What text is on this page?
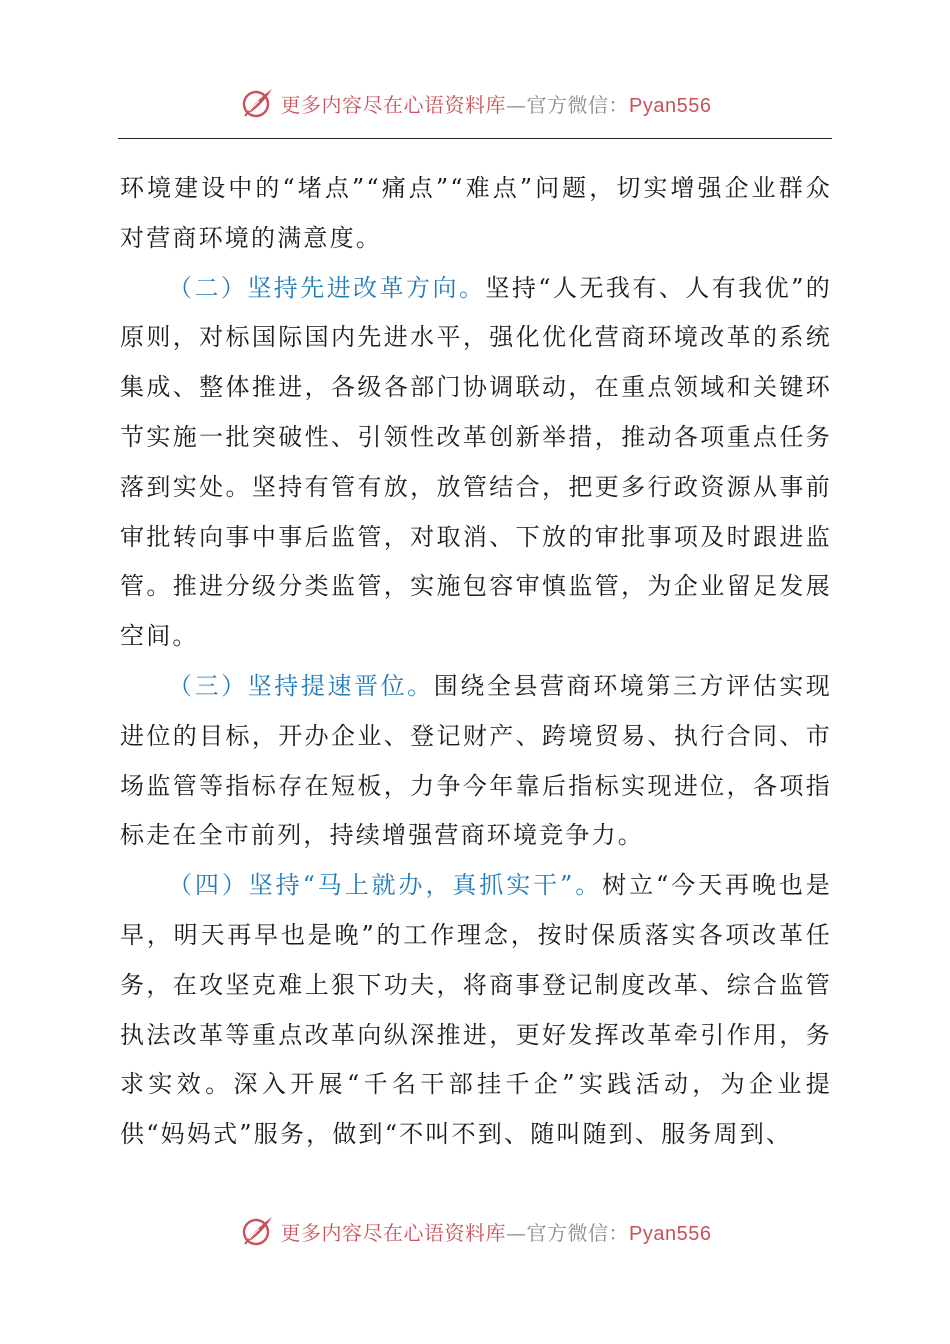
更多内容尽在心语资料库—官方微信：Pyan556

环境建设中的“堵点”“痛点”“难点”问题，切实增强企业群众对营商环境的满意度。

（二）坚持先进改革方向。坚持“人无我有、人有我优”的原则，对标国际国内先进水平，强化优化营商环境改革的系统集成、整体推进，各级各部门协调联动，在重点领域和关键环节实施一批突破性、引领性改革创新举措，推动各项重点任务落到实处。坚持有管有放，放管结合，把更多行政资源从事前审批转向事中事后监管，对取消、下放的审批事项及时跟进监管。推进分级分类监管，实施包容审慎监管，为企业留足发展空间。

（三）坚持提速晋位。围绕全县营商环境第三方评估实现进位的目标，开办企业、登记财产、跨境贸易、执行合同、市场监管等指标存在短板，力争今年靠后指标实现进位，各项指标走在全市前列，持续增强营商环境竞争力。

（四）坚持“马上就办，真抓实干”。树立“今天再晚也是早，明天再早也是晚”的工作理念，按时保质落实各项改革任务，在攻坚克难上狠下功夫，将商事登记制度改革、综合监管执法改革等重点改革向纵深推进，更好发挥改革牵引作用，务求实效。深入开展“千名干部挂千企”实践活动，为企业提供“妈妈式”服务，做到“不叫不到、随叫随到、服务周到、

更多内容尽在心语资料库—官方微信：Pyan556
